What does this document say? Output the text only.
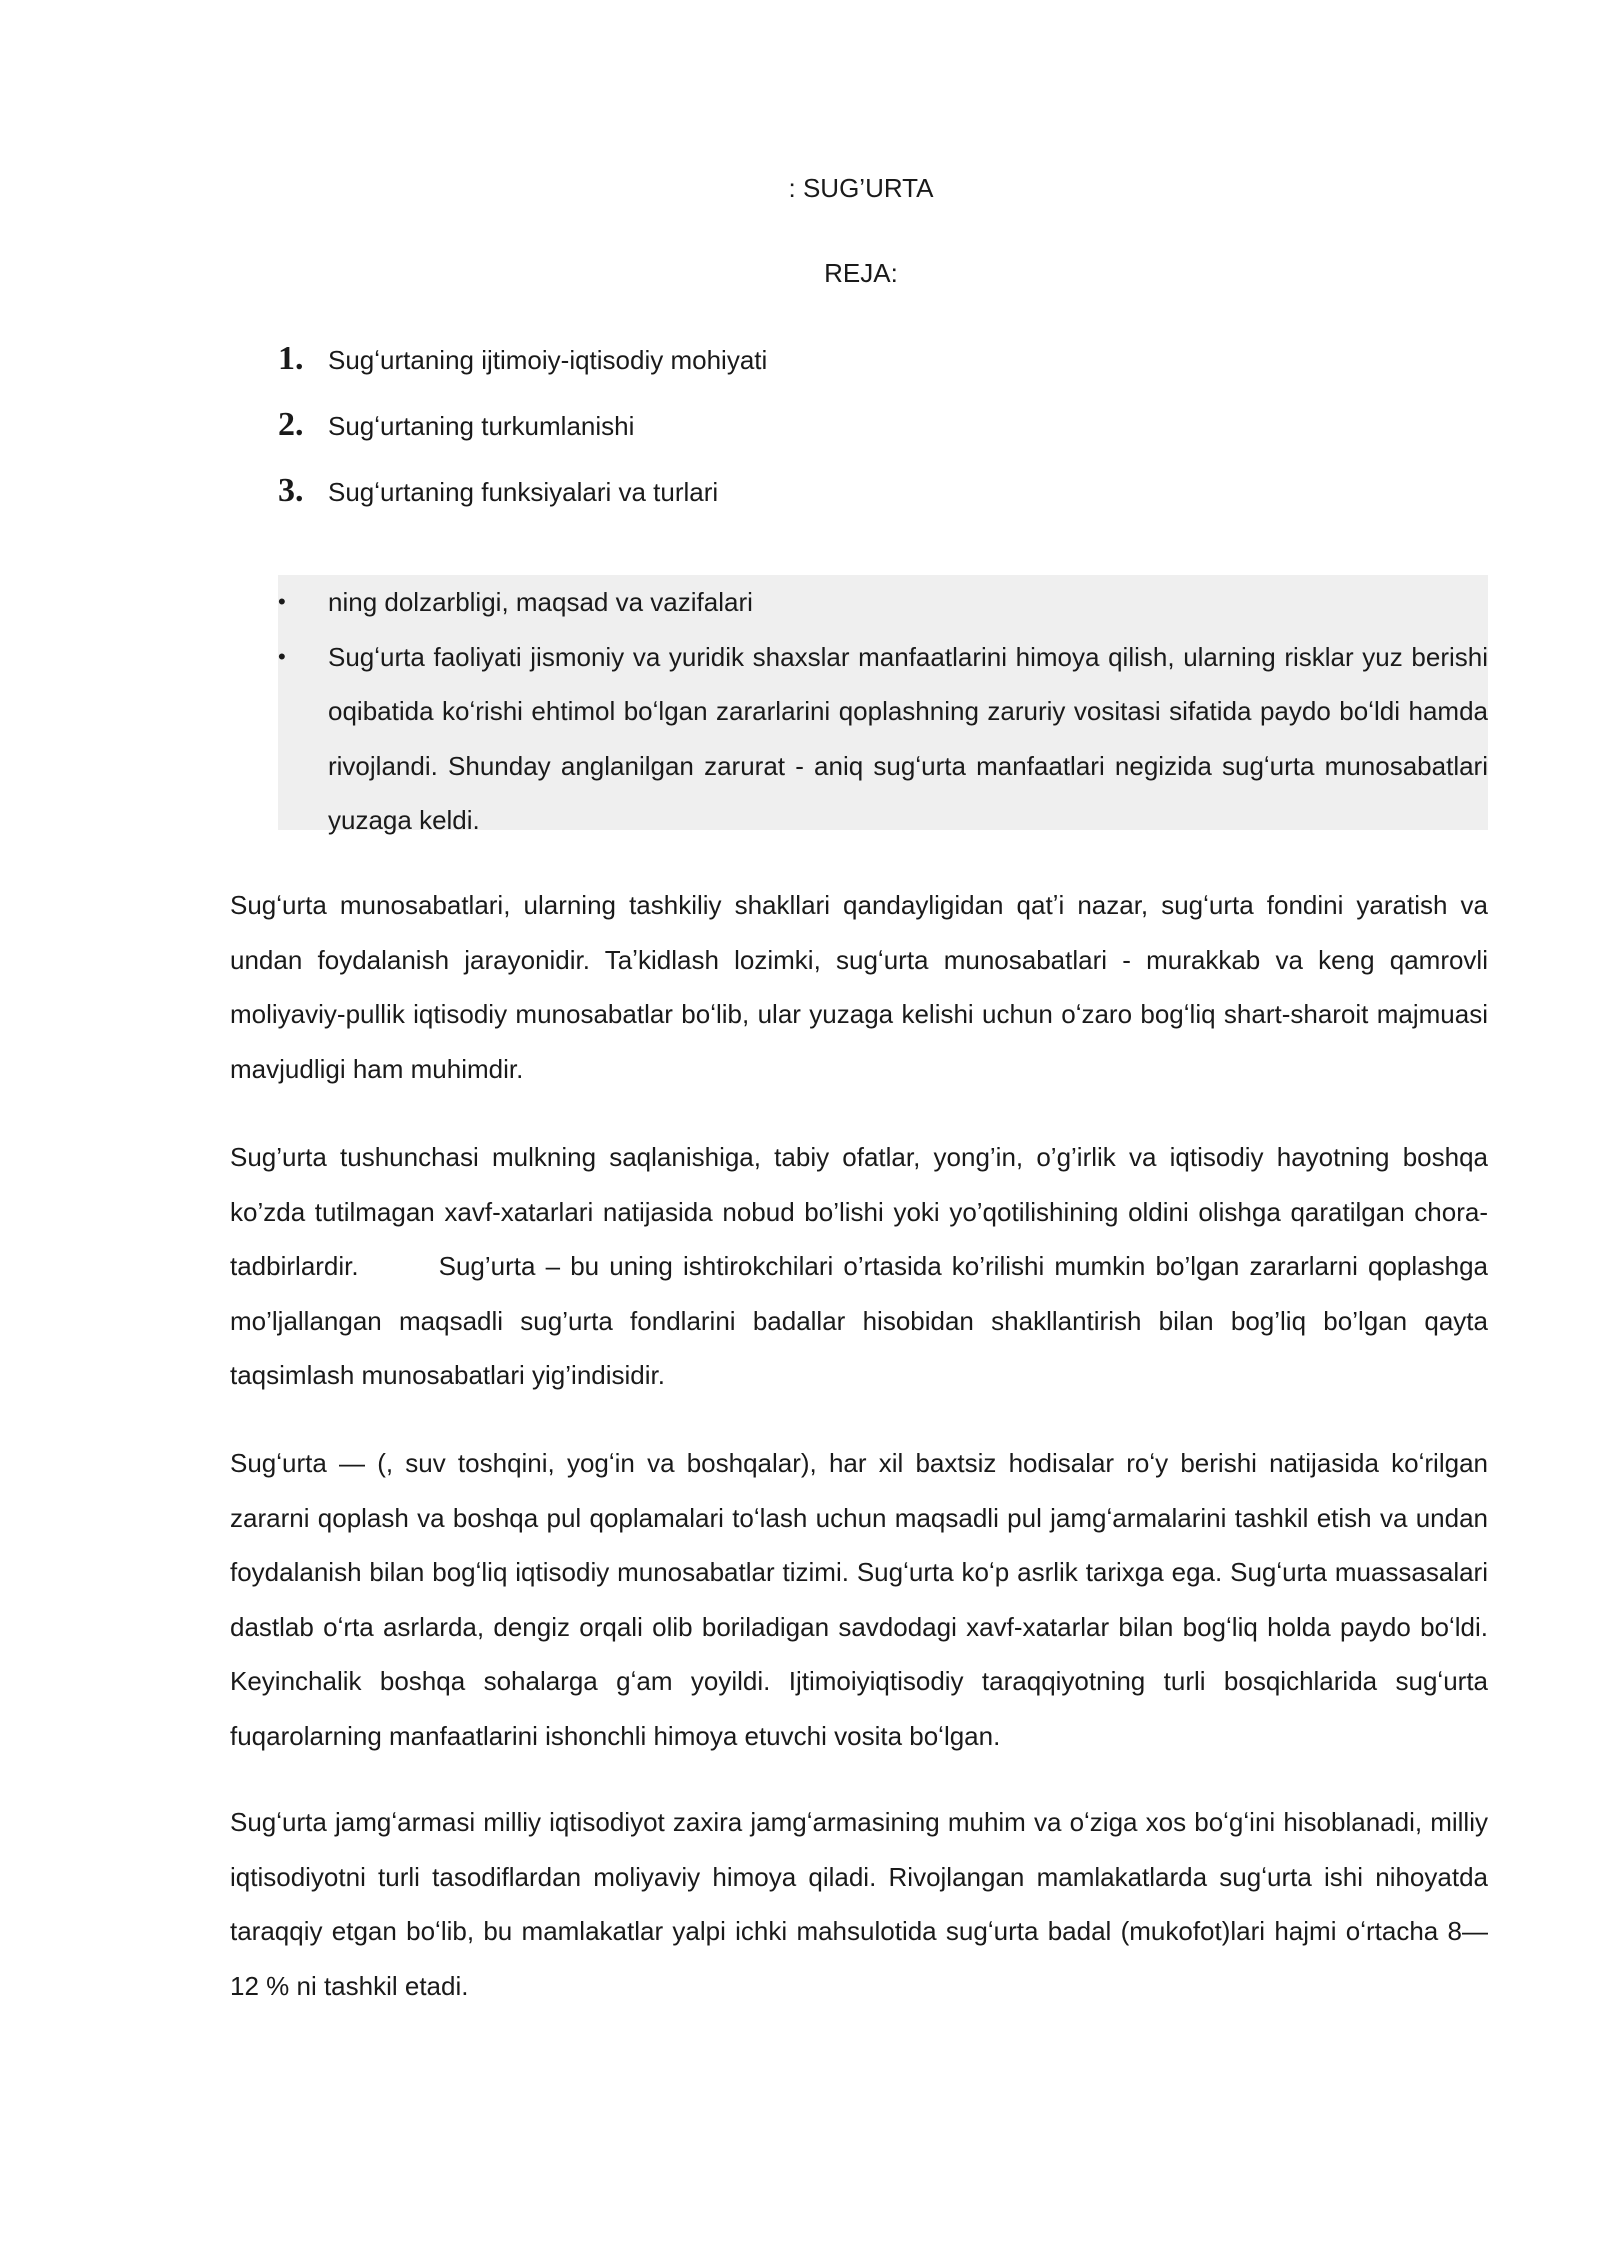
: SUG’URTA
REJA:
1. Sugʻurtaning ijtimoiy-iqtisodiy mohiyati
2. Sugʻurtaning turkumlanishi
3. Sugʻurtaning funksiyalari va turlari
•	ning dolzarbligi, maqsad va vazifalari
•	Sugʻurta faoliyati jismoniy va yuridik shaxslar manfaatlarini himoya qilish, ularning risklar yuz berishi oqibatida koʻrishi ehtimol boʻlgan zararlarini qoplashning zaruriy vositasi sifatida paydo boʻldi hamda rivojlandi. Shunday anglanilgan zarurat - aniq sugʻurta manfaatlari negizida sugʻurta munosabatlari yuzaga keldi.

Sugʻurta munosabatlari, ularning tashkiliy shakllari qandayligidan qatʼi nazar, sugʻurta fondini yaratish va undan foydalanish jarayonidir. Taʼkidlash lozimki, sugʻurta munosabatlari - murakkab va keng qamrovli moliyaviy-pullik iqtisodiy munosabatlar boʻlib, ular yuzaga kelishi uchun oʻzaro bogʻliq shart-sharoit majmuasi mavjudligi ham muhimdir.

Sug’urta tushunchasi mulkning saqlanishiga, tabiy ofatlar, yong’in, o’g’irlik va iqtisodiy hayotning boshqa ko’zda tutilmagan xavf-xatarlari natijasida nobud bo’lishi yoki yo’qotilishining oldini olishga qaratilgan chora-tadbirlardir.	Sug’urta – bu uning ishtirokchilari o’rtasida ko’rilishi mumkin bo’lgan zararlarni qoplashga mo’ljallangan maqsadli sug’urta fondlarini badallar hisobidan shakllantirish bilan bog’liq bo’lgan qayta taqsimlash munosabatlari yig’indisidir.

Sugʻurta — (, suv toshqini, yogʻin va boshqalar), har xil baxtsiz hodisalar roʻy berishi natijasida koʻrilgan zararni qoplash va boshqa pul qoplamalari toʻlash uchun maqsadli pul jamgʻarmalarini tashkil etish va undan foydalanish bilan bogʻliq iqtisodiy munosabatlar tizimi. Sugʻurta koʻp asrlik tarixga ega. Sugʻurta muassasalari dastlab oʻrta asrlarda, dengiz orqali olib boriladigan savdodagi xavf-xatarlar bilan bogʻliq holda paydo boʻldi. Keyinchalik boshqa sohalarga gʻam yoyildi. Ijtimoiyiqtisodiy taraqqiyotning turli bosqichlarida sugʻurta fuqarolarning manfaatlarini ishonchli himoya etuvchi vosita boʻlgan.

Sugʻurta jamgʻarmasi milliy iqtisodiyot zaxira jamgʻarmasining muhim va oʻziga xos boʻgʻini hisoblanadi, milliy iqtisodiyotni turli tasodiflardan moliyaviy himoya qiladi. Rivojlangan mamlakatlarda sugʻurta ishi nihoyatda taraqqiy etgan boʻlib, bu mamlakatlar yalpi ichki mahsulotida sugʻurta badal (mukofot)lari hajmi oʻrtacha 8—12 % ni tashkil etadi.
